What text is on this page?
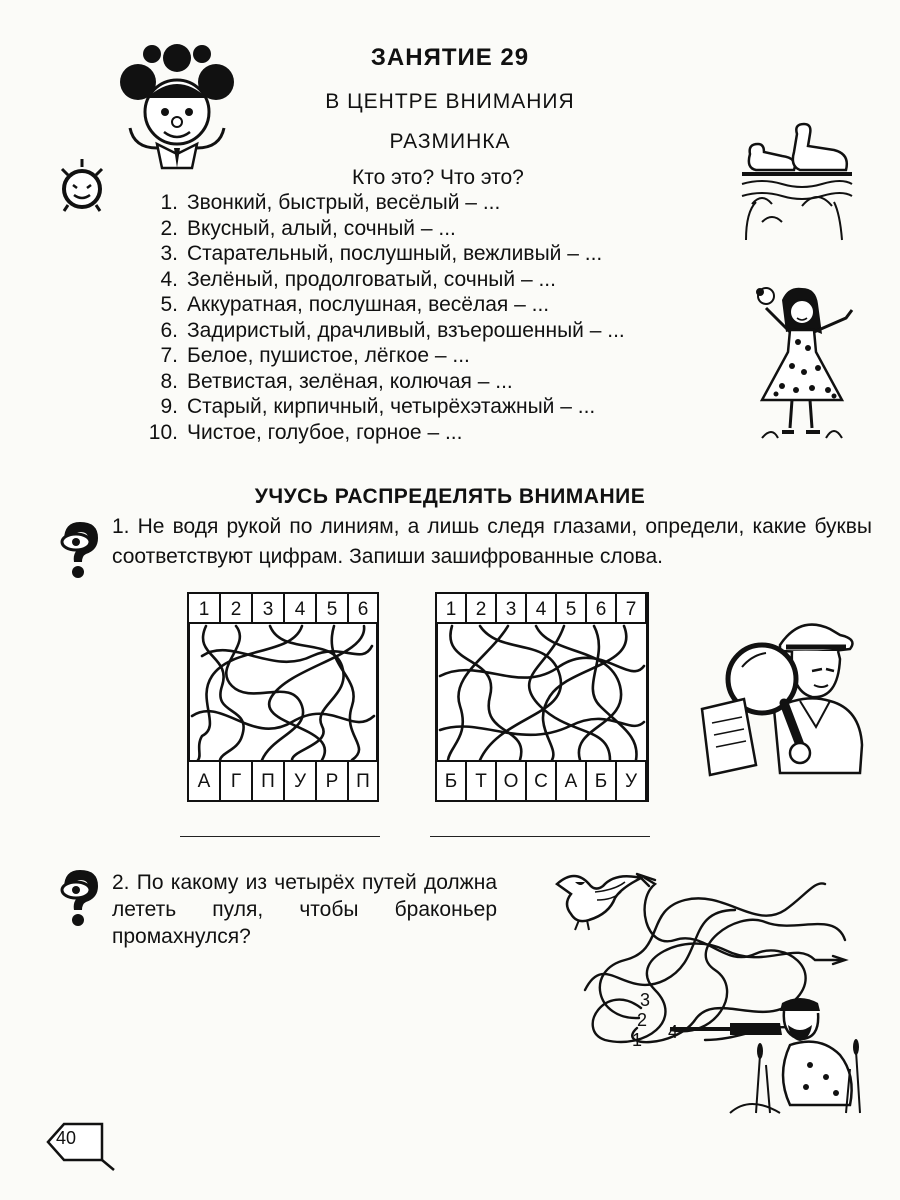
ЗАНЯТИЕ 29
В ЦЕНТРЕ ВНИМАНИЯ
РАЗМИНКА
Кто это? Что это?
1. Звонкий, быстрый, весёлый – ...
2. Вкусный, алый, сочный – ...
3. Старательный, послушный, вежливый – ...
4. Зелёный, продолговатый, сочный – ...
5. Аккуратная, послушная, весёлая – ...
6. Задиристый, драчливый, взъерошенный – ...
7. Белое, пушистое, лёгкое – ...
8. Ветвистая, зелёная, колючая – ...
9. Старый, кирпичный, четырёхэтажный – ...
10. Чистое, голубое, горное – ...
УЧУСЬ РАСПРЕДЕЛЯТЬ ВНИМАНИЕ
1. Не водя рукой по линиям, а лишь следя глазами, определи, какие буквы соответствуют цифрам. Запиши зашифрованные слова.
1	2	3	4	5	6
А	Г	П	У	Р П
1	2	3	4	5	6	7
Б Т О С А Б У
2. По какому из четырёх путей должна лететь пуля, чтобы браконьер промахнулся?
3
2
1 4
40
